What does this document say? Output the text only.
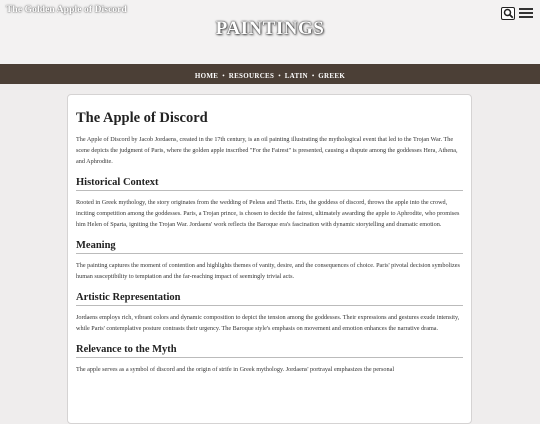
The Golden Apple of Discord
PAINTINGS
HOME • RESOURCES • LATIN • GREEK
The Apple of Discord

The Apple of Discord by Jacob Jordaens, created in the 17th century, is an oil painting illustrating the mythological event that led to the Trojan War. The scene depicts the judgment of Paris, where the golden apple inscribed "For the Fairest" is presented, causing a dispute among the goddesses Hera, Athena, and Aphrodite.

Historical Context

Rooted in Greek mythology, the story originates from the wedding of Peleus and Thetis. Eris, the goddess of discord, throws the apple into the crowd, inciting competition among the goddesses. Paris, a Trojan prince, is chosen to decide the fairest, ultimately awarding the apple to Aphrodite, who promises him Helen of Sparta, igniting the Trojan War. Jordaens' work reflects the Baroque era's fascination with dynamic storytelling and dramatic emotion.

Meaning

The painting captures the moment of contention and highlights themes of vanity, desire, and the consequences of choice. Paris' pivotal decision symbolizes human susceptibility to temptation and the far-reaching impact of seemingly trivial acts.

Artistic Representation

Jordaens employs rich, vibrant colors and dynamic composition to depict the tension among the goddesses. Their expressions and gestures exude intensity, while Paris' contemplative posture contrasts their urgency. The Baroque style's emphasis on movement and emotion enhances the narrative drama.

Relevance to the Myth

The apple serves as a symbol of discord and the origin of strife in Greek mythology. Jordaens' portrayal emphasizes the personal
